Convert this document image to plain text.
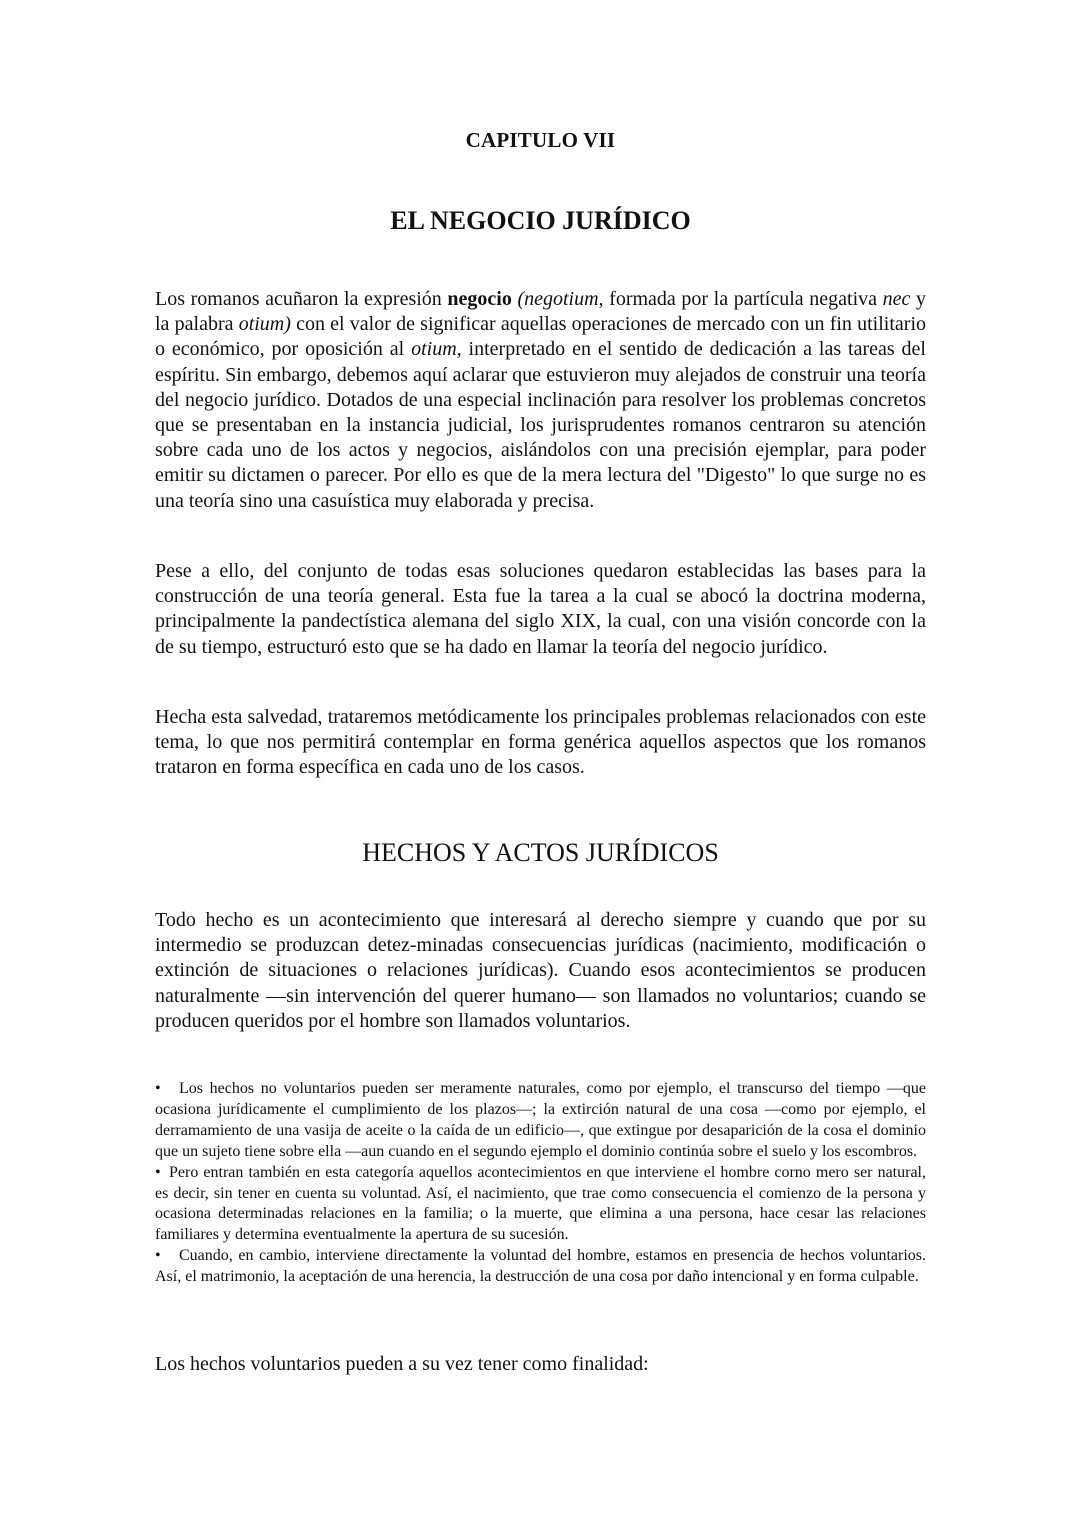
CAPITULO VII
EL NEGOCIO JURÍDICO

Los romanos acuñaron la expresión negocio (negotium, formada por la partícula negativa nec y la palabra otium) con el valor de significar aquellas operaciones de mercado con un fin utilitario o económico, por oposición al otium, interpretado en el sentido de dedicación a las tareas del espíritu. Sin embargo, debemos aquí aclarar que estuvieron muy alejados de construir una teoría del negocio jurídico. Dotados de una especial inclinación para resolver los problemas concretos que se presentaban en la instancia judicial, los jurisprudentes romanos centraron su atención sobre cada uno de los actos y negocios, aislándolos con una precisión ejemplar, para poder emitir su dictamen o parecer. Por ello es que de la mera lectura del "Digesto" lo que surge no es una teoría sino una casuística muy elaborada y precisa.

Pese a ello, del conjunto de todas esas soluciones quedaron establecidas las bases para la construcción de una teoría general. Esta fue la tarea a la cual se abocó la doctrina moderna, principalmente la pandectística alemana del siglo XIX, la cual, con una visión concorde con la de su tiempo, estructuró esto que se ha dado en llamar la teoría del negocio jurídico.

Hecha esta salvedad, trataremos metódicamente los principales problemas relacionados con este tema, lo que nos permitirá contemplar en forma genérica aquellos aspectos que los romanos trataron en forma específica en cada uno de los casos.

HECHOS Y ACTOS JURÍDICOS

Todo hecho es un acontecimiento que interesará al derecho siempre y cuando que por su intermedio se produzcan detez-minadas consecuencias jurídicas (nacimiento, modificación o extinción de situaciones o relaciones jurídicas). Cuando esos acontecimientos se producen naturalmente —sin intervención del querer humano— son llamados no voluntarios; cuando se producen queridos por el hombre son llamados voluntarios.

• Los hechos no voluntarios pueden ser meramente naturales, como por ejemplo, el transcurso del tiempo —que ocasiona jurídicamente el cumplimiento de los plazos—; la extirción natural de una cosa —como por ejemplo, el derramamiento de una vasija de aceite o la caída de un edificio—, que extingue por desaparición de la cosa el dominio que un sujeto tiene sobre ella —aun cuando en el segundo ejemplo el dominio continúa sobre el suelo y los escombros.
• Pero entran también en esta categoría aquellos acontecimientos en que interviene el hombre corno mero ser natural, es decir, sin tener en cuenta su voluntad. Así, el nacimiento, que trae como consecuencia el comienzo de la persona y ocasiona determinadas relaciones en la familia; o la muerte, que elimina a una persona, hace cesar las relaciones familiares y determina eventualmente la apertura de su sucesión.
• Cuando, en cambio, interviene directamente la voluntad del hombre, estamos en presencia de hechos voluntarios. Así, el matrimonio, la aceptación de una herencia, la destrucción de una cosa por daño intencional y en forma culpable.

Los hechos voluntarios pueden a su vez tener como finalidad:
